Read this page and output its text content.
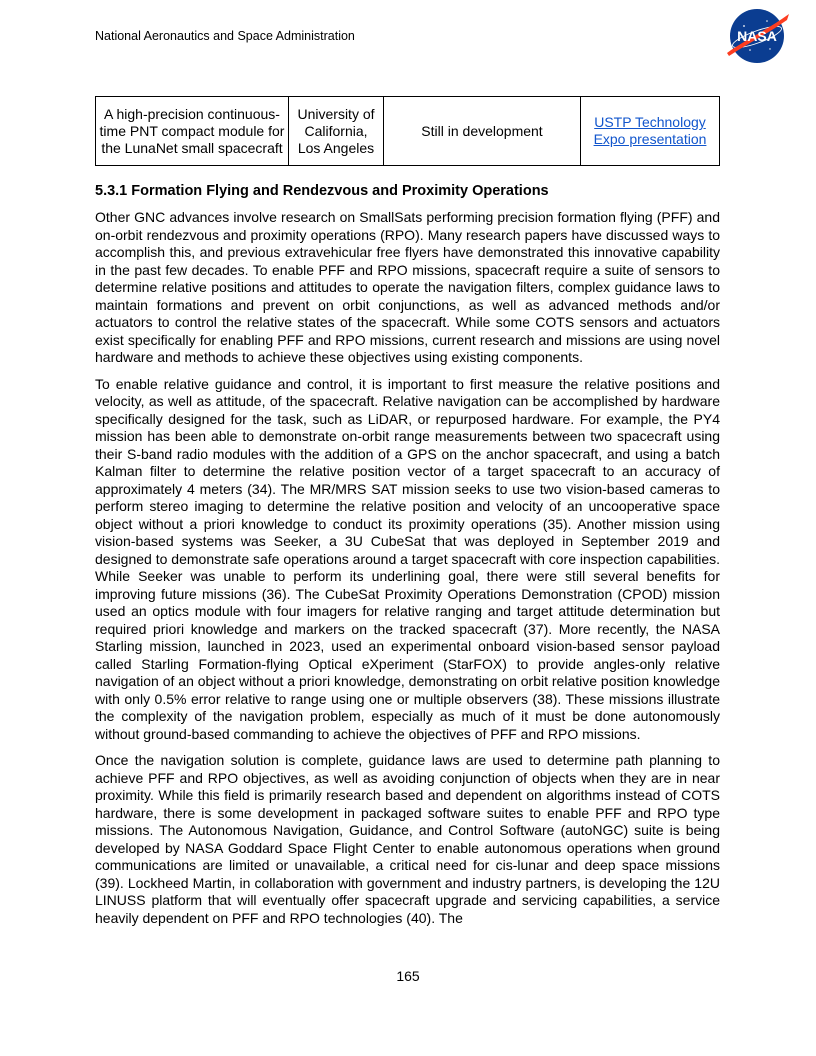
National Aeronautics and Space Administration	NASA
A high-precision continuous-time PNT compact module for the LunaNet small spacecraft	University of California, Los Angeles	Still in development	USTP Technology Expo presentation
5.3.1 Formation Flying and Rendezvous and Proximity Operations

Other GNC advances involve research on SmallSats performing precision formation flying (PFF) and on-orbit rendezvous and proximity operations (RPO). Many research papers have discussed ways to accomplish this, and previous extravehicular free flyers have demonstrated this innovative capability in the past few decades. To enable PFF and RPO missions, spacecraft require a suite of sensors to determine relative positions and attitudes to operate the navigation filters, complex guidance laws to maintain formations and prevent on orbit conjunctions, as well as advanced methods and/or actuators to control the relative states of the spacecraft. While some COTS sensors and actuators exist specifically for enabling PFF and RPO missions, current research and missions are using novel hardware and methods to achieve these objectives using existing components.

To enable relative guidance and control, it is important to first measure the relative positions and velocity, as well as attitude, of the spacecraft. Relative navigation can be accomplished by hardware specifically designed for the task, such as LiDAR, or repurposed hardware. For example, the PY4 mission has been able to demonstrate on-orbit range measurements between two spacecraft using their S-band radio modules with the addition of a GPS on the anchor spacecraft, and using a batch Kalman filter to determine the relative position vector of a target spacecraft to an accuracy of approximately 4 meters (34). The MR/MRS SAT mission seeks to use two vision-based cameras to perform stereo imaging to determine the relative position and velocity of an uncooperative space object without a priori knowledge to conduct its proximity operations (35). Another mission using vision-based systems was Seeker, a 3U CubeSat that was deployed in September 2019 and designed to demonstrate safe operations around a target spacecraft with core inspection capabilities. While Seeker was unable to perform its underlining goal, there were still several benefits for improving future missions (36). The CubeSat Proximity Operations Demonstration (CPOD) mission used an optics module with four imagers for relative ranging and target attitude determination but required priori knowledge and markers on the tracked spacecraft (37). More recently, the NASA Starling mission, launched in 2023, used an experimental onboard vision-based sensor payload called Starling Formation-flying Optical eXperiment (StarFOX) to provide angles-only relative navigation of an object without a priori knowledge, demonstrating on orbit relative position knowledge with only 0.5% error relative to range using one or multiple observers (38). These missions illustrate the complexity of the navigation problem, especially as much of it must be done autonomously without ground-based commanding to achieve the objectives of PFF and RPO missions.

Once the navigation solution is complete, guidance laws are used to determine path planning to achieve PFF and RPO objectives, as well as avoiding conjunction of objects when they are in near proximity. While this field is primarily research based and dependent on algorithms instead of COTS hardware, there is some development in packaged software suites to enable PFF and RPO type missions. The Autonomous Navigation, Guidance, and Control Software (autoNGC) suite is being developed by NASA Goddard Space Flight Center to enable autonomous operations when ground communications are limited or unavailable, a critical need for cis-lunar and deep space missions (39). Lockheed Martin, in collaboration with government and industry partners, is developing the 12U LINUSS platform that will eventually offer spacecraft upgrade and servicing capabilities, a service heavily dependent on PFF and RPO technologies (40). The

165
